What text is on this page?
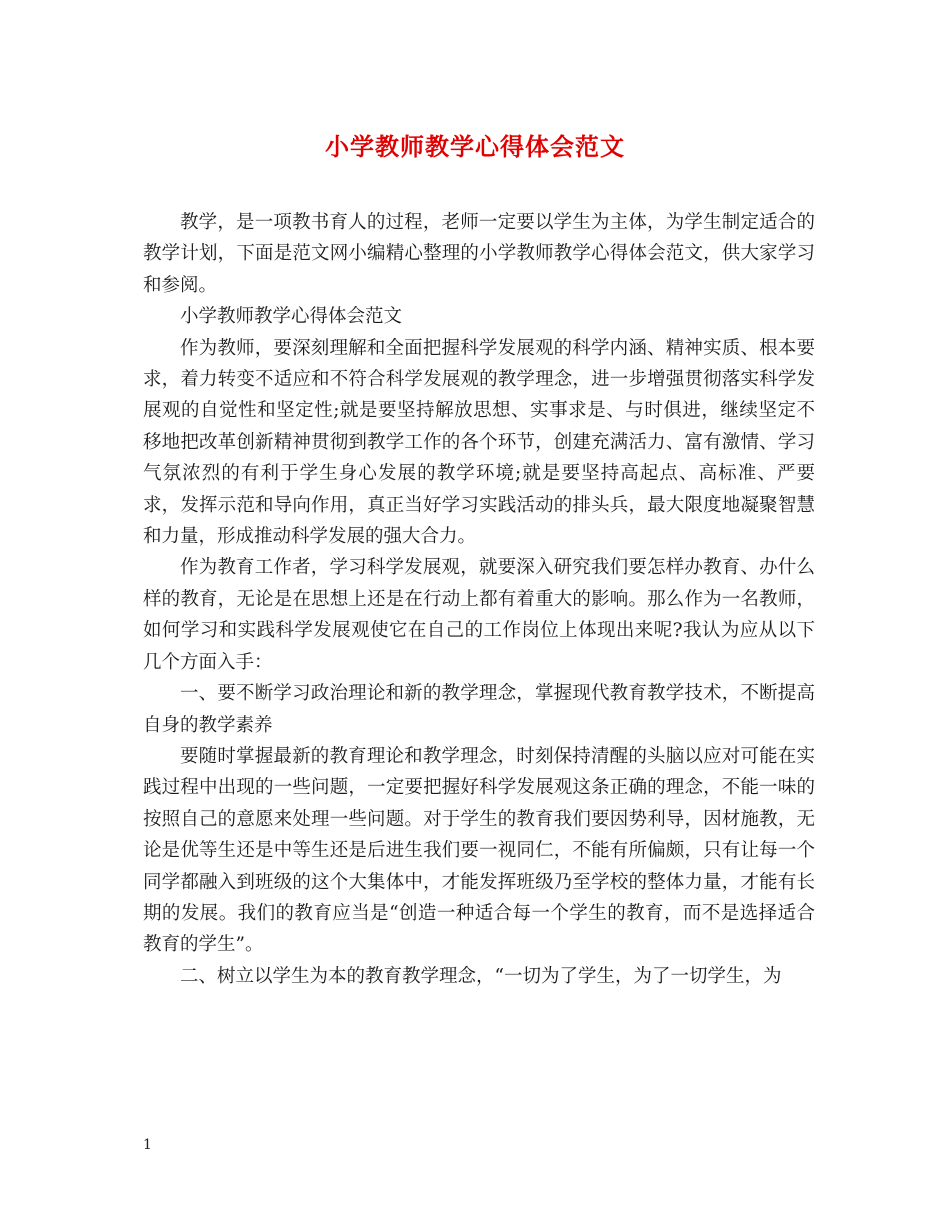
小学教师教学心得体会范文

教学，是一项教书育人的过程，老师一定要以学生为主体，为学生制定适合的教学计划，下面是范文网小编精心整理的小学教师教学心得体会范文，供大家学习和参阅。

小学教师教学心得体会范文

作为教师，要深刻理解和全面把握科学发展观的科学内涵、精神实质、根本要求，着力转变不适应和不符合科学发展观的教学理念，进一步增强贯彻落实科学发展观的自觉性和坚定性;就是要坚持解放思想、实事求是、与时俱进，继续坚定不移地把改革创新精神贯彻到教学工作的各个环节，创建充满活力、富有激情、学习气氛浓烈的有利于学生身心发展的教学环境;就是要坚持高起点、高标准、严要求，发挥示范和导向作用，真正当好学习实践活动的排头兵，最大限度地凝聚智慧和力量，形成推动科学发展的强大合力。

作为教育工作者，学习科学发展观，就要深入研究我们要怎样办教育、办什么样的教育，无论是在思想上还是在行动上都有着重大的影响。那么作为一名教师，如何学习和实践科学发展观使它在自己的工作岗位上体现出来呢?我认为应从以下几个方面入手：

一、要不断学习政治理论和新的教学理念，掌握现代教育教学技术，不断提高自身的教学素养

要随时掌握最新的教育理论和教学理念，时刻保持清醒的头脑以应对可能在实践过程中出现的一些问题，一定要把握好科学发展观这条正确的理念，不能一味的按照自己的意愿来处理一些问题。对于学生的教育我们要因势利导，因材施教，无论是优等生还是中等生还是后进生我们要一视同仁，不能有所偏颇，只有让每一个同学都融入到班级的这个大集体中，才能发挥班级乃至学校的整体力量，才能有长期的发展。我们的教育应当是“创造一种适合每一个学生的教育，而不是选择适合教育的学生”。

二、树立以学生为本的教育教学理念，“一切为了学生，为了一切学生，为

1
